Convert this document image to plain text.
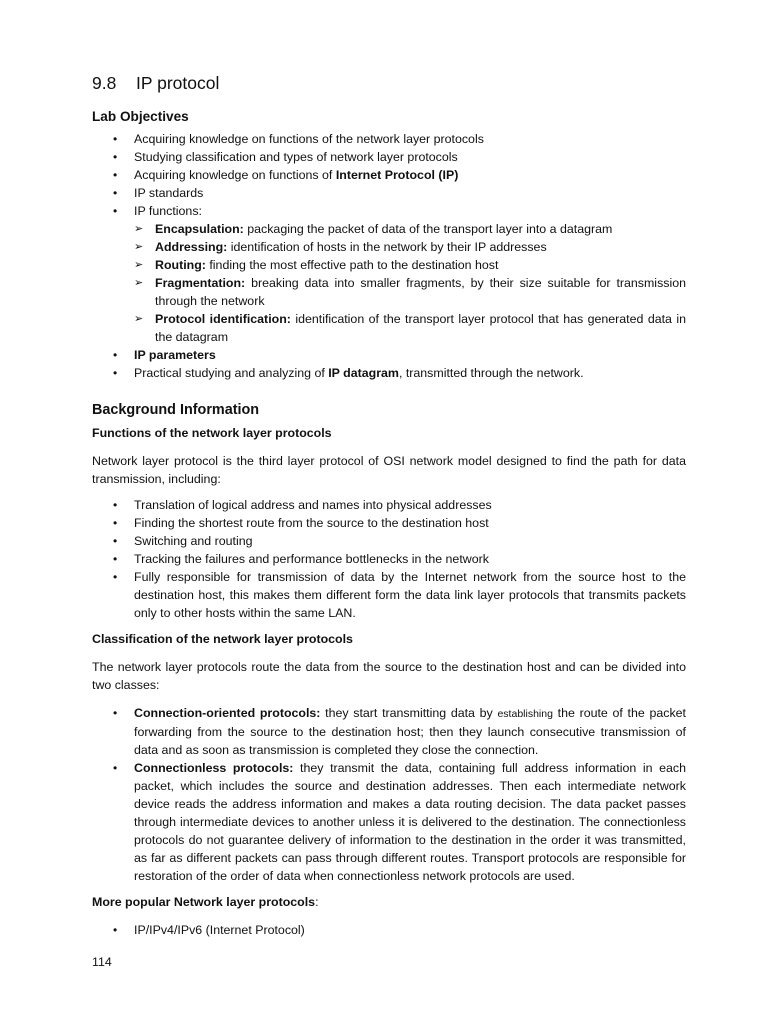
9.8 IP protocol
Lab Objectives
• Acquiring knowledge on functions of the network layer protocols
• Studying classification and types of network layer protocols
• Acquiring knowledge on functions of Internet Protocol (IP)
• IP standards
• IP functions:
➢ Encapsulation: packaging the packet of data of the transport layer into a datagram
➢ Addressing: identification of hosts in the network by their IP addresses
➢ Routing: finding the most effective path to the destination host
➢ Fragmentation: breaking data into smaller fragments, by their size suitable for transmission through the network
➢ Protocol identification: identification of the transport layer protocol that has generated data in the datagram
• IP parameters
• Practical studying and analyzing of IP datagram, transmitted through the network.
Background Information
Functions of the network layer protocols

Network layer protocol is the third layer protocol of OSI network model designed to find the path for data transmission, including:

• Translation of logical address and names into physical addresses
• Finding the shortest route from the source to the destination host
• Switching and routing
• Tracking the failures and performance bottlenecks in the network
• Fully responsible for transmission of data by the Internet network from the source host to the destination host, this makes them different form the data link layer protocols that transmits packets only to other hosts within the same LAN.
Classification of the network layer protocols

The network layer protocols route the data from the source to the destination host and can be divided into two classes:

• Connection-oriented protocols: they start transmitting data by establishing the route of the packet forwarding from the source to the destination host; then they launch consecutive transmission of data and as soon as transmission is completed they close the connection.
• Connectionless protocols: they transmit the data, containing full address information in each packet, which includes the source and destination addresses. Then each intermediate network device reads the address information and makes a data routing decision. The data packet passes through intermediate devices to another unless it is delivered to the destination. The connectionless protocols do not guarantee delivery of information to the destination in the order it was transmitted, as far as different packets can pass through different routes. Transport protocols are responsible for restoration of the order of data when connectionless network protocols are used.
More popular Network layer protocols:
• IP/IPv4/IPv6 (Internet Protocol)
114
